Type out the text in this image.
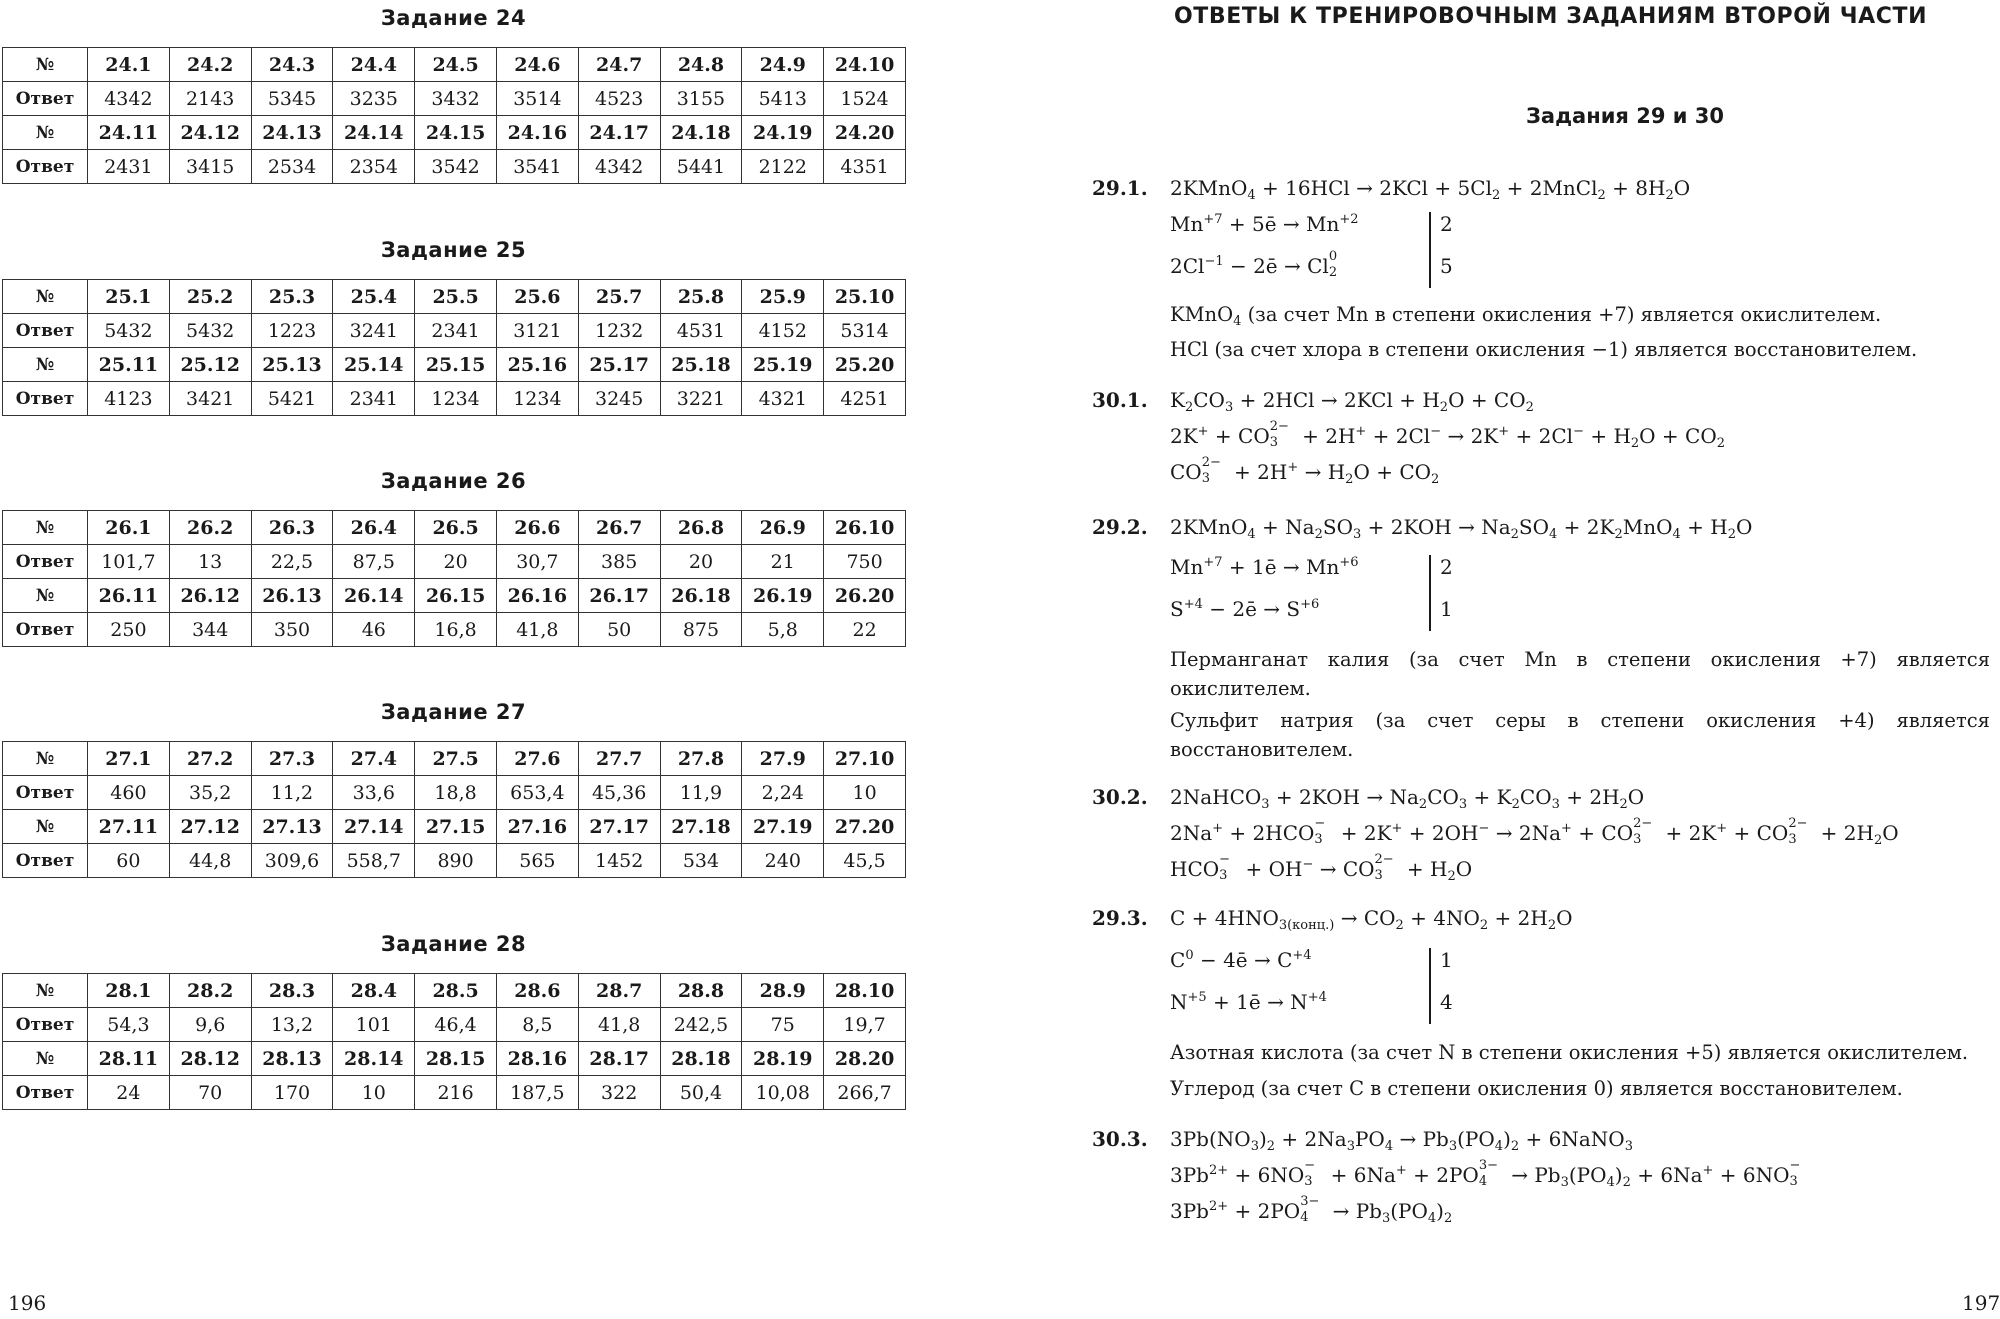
Задание 24
№	24.1	24.2	24.3	24.4	24.5	24.6	24.7	24.8	24.9	24.10
Ответ	4342	2143	5345	3235	3432	3514	4523	3155	5413	1524
№	24.11	24.12	24.13	24.14	24.15	24.16	24.17	24.18	24.19	24.20
Ответ	2431	3415	2534	2354	3542	3541	4342	5441	2122	4351
Задание 25
№	25.1	25.2	25.3	25.4	25.5	25.6	25.7	25.8	25.9	25.10
Ответ	5432	5432	1223	3241	2341	3121	1232	4531	4152	5314
№	25.11	25.12	25.13	25.14	25.15	25.16	25.17	25.18	25.19	25.20
Ответ	4123	3421	5421	2341	1234	1234	3245	3221	4321	4251
Задание 26
№	26.1	26.2	26.3	26.4	26.5	26.6	26.7	26.8	26.9	26.10
Ответ	101,7	13	22,5	87,5	20	30,7	385	20	21	750
№	26.11	26.12	26.13	26.14	26.15	26.16	26.17	26.18	26.19	26.20
Ответ	250	344	350	46	16,8	41,8	50	875	5,8	22
Задание 27
№	27.1	27.2	27.3	27.4	27.5	27.6	27.7	27.8	27.9	27.10
Ответ	460	35,2	11,2	33,6	18,8	653,4	45,36	11,9	2,24	10
№	27.11	27.12	27.13	27.14	27.15	27.16	27.17	27.18	27.19	27.20
Ответ	60	44,8	309,6	558,7	890	565	1452	534	240	45,5
Задание 28
№	28.1	28.2	28.3	28.4	28.5	28.6	28.7	28.8	28.9	28.10
Ответ	54,3	9,6	13,2	101	46,4	8,5	41,8	242,5	75	19,7
№	28.11	28.12	28.13	28.14	28.15	28.16	28.17	28.18	28.19	28.20
Ответ	24	70	170	10	216	187,5	322	50,4	10,08	266,7
196
ОТВЕТЫ К ТРЕНИРОВОЧНЫМ ЗАДАНИЯМ ВТОРОЙ ЧАСТИ
Задания 29 и 30
29.1. 2KMnO$_4$ + $16HCl \to 2KCl + 5Cl_2$ + 2MnCl$_2$ + $8H_2O$
$Mn^{+7}$ + 5ē → $Mn^{+2}$
$2Cl^{-1}$ − 2ē → Cl 0
2
2
5
KMnO$_4$ (за счет Mn в степени окисления +7) является окислителем.
HCl (за счет хлора в степени окисления −1) является восстановителем.
30.1. $K_2CO_3 + 2HCl \to 2KCl + H_2O + CO_2$
2K+ + CO 2−
$3 + 2H^+ + 2Cl^- \to 2K^+ + 2Cl^- + H_2O + CO_2$
CO 2−
$3 + 2H^+ \to H_2O + CO_2$
29.2. 2KMnO$_4$ + $Na_2SO_3 + 2KOH \to Na_2SO_4 + 2K_2MnO_4 + H_2O$
$Mn^{+7}$ + 1ē → $Mn^{+6}$
$S^{+4}$ − 2ē → $S^{+6}$
2
1
Перманганат калия (за счет Mn в степени окисления +7) является окислителем.
Сульфит натрия (за счет серы в степени окисления +4) является восстановителем.
30.2. 2NaHCO$_3$ + $2KOH \to Na_2CO_3 + K_2CO_3 + 2H_2O$
2Na+ + 2HCO −
3 + 2K+ + 2OH− → 2Na+ + CO 2−
3 + 2K+ + CO 2−
$3 + 2H_2O$
HCO −
3 + OH− → CO 2−
$3 + H_2O$
29.3. $C + 4HNO_{3(конц.)} \to CO_2 + 4NO_2 + 2H_2O$
$C^0$ − 4ē → $C^{+4}$
$N^{+5}$ + 1ē → $N^{+4}$
1
4
Азотная кислота (за счет N в степени окисления +5) является окислителем.
Углерод (за счет C в степени окисления 0) является восстановителем.
30.3. $3Pb(NO_3)_2 + 2Na_3PO_4 \to Pb_3(PO_4)_2$ + 6NaNO$_3$
$3Pb^{2+} + 6NO$ −
3 + 6Na+ + 2PO 3−
$4 \to Pb_3(PO_4)_2 + 6Na^+ + 6NO$ −
3
$3Pb^{2+} + 2PO$ 3−
$4 \to Pb_3(PO_4)_2$
197
